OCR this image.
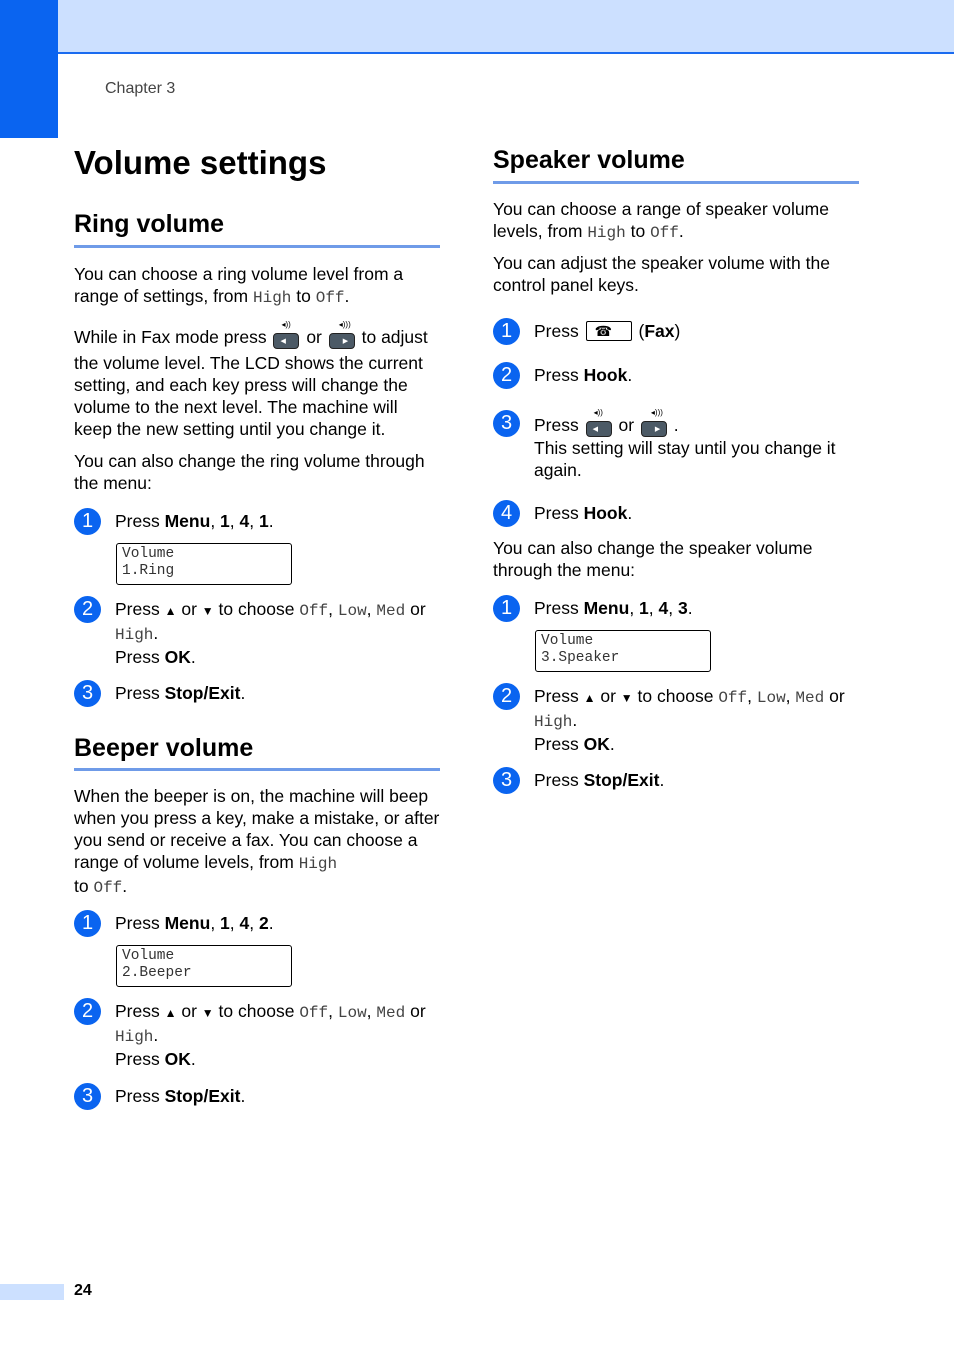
Chapter 3
Volume settings
Ring volume
You can choose a ring volume level from a
range of settings, from High to Off.
While in Fax mode press
◂))
◀ or
◂)))
▶ to adjust
the volume level. The LCD shows the current setting, and each key press will change the volume to the next level. The machine will keep the new setting until you change it.
You can also change the ring volume through the menu:
1	Press Menu, 1, 4, 1.
Volume
1.Ring
2	Press ▲ or ▼ to choose Off, Low, Med or
High.
Press OK.
3	Press Stop/Exit.
Beeper volume
When the beeper is on, the machine will beep when you press a key, make a mistake, or after you send or receive a fax. You can choose a range of volume levels, from High
to Off.
1	Press Menu, 1, 4, 2.
Volume
2.Beeper
2	Press ▲ or ▼ to choose Off, Low, Med or
High.
Press OK.
3	Press Stop/Exit.
Speaker volume
You can choose a range of speaker volume
levels, from High to Off.
You can adjust the speaker volume with the control panel keys.
1	Press ☎ (Fax)
2	Press Hook.
3	Press
◂))
◀ or
◂)))
▶ .
This setting will stay until you change it
again.
4	Press Hook.
You can also change the speaker volume through the menu:
1	Press Menu, 1, 4, 3.
Volume
3.Speaker
2	Press ▲ or ▼ to choose Off, Low, Med or
High.
Press OK.
3	Press Stop/Exit.
24
